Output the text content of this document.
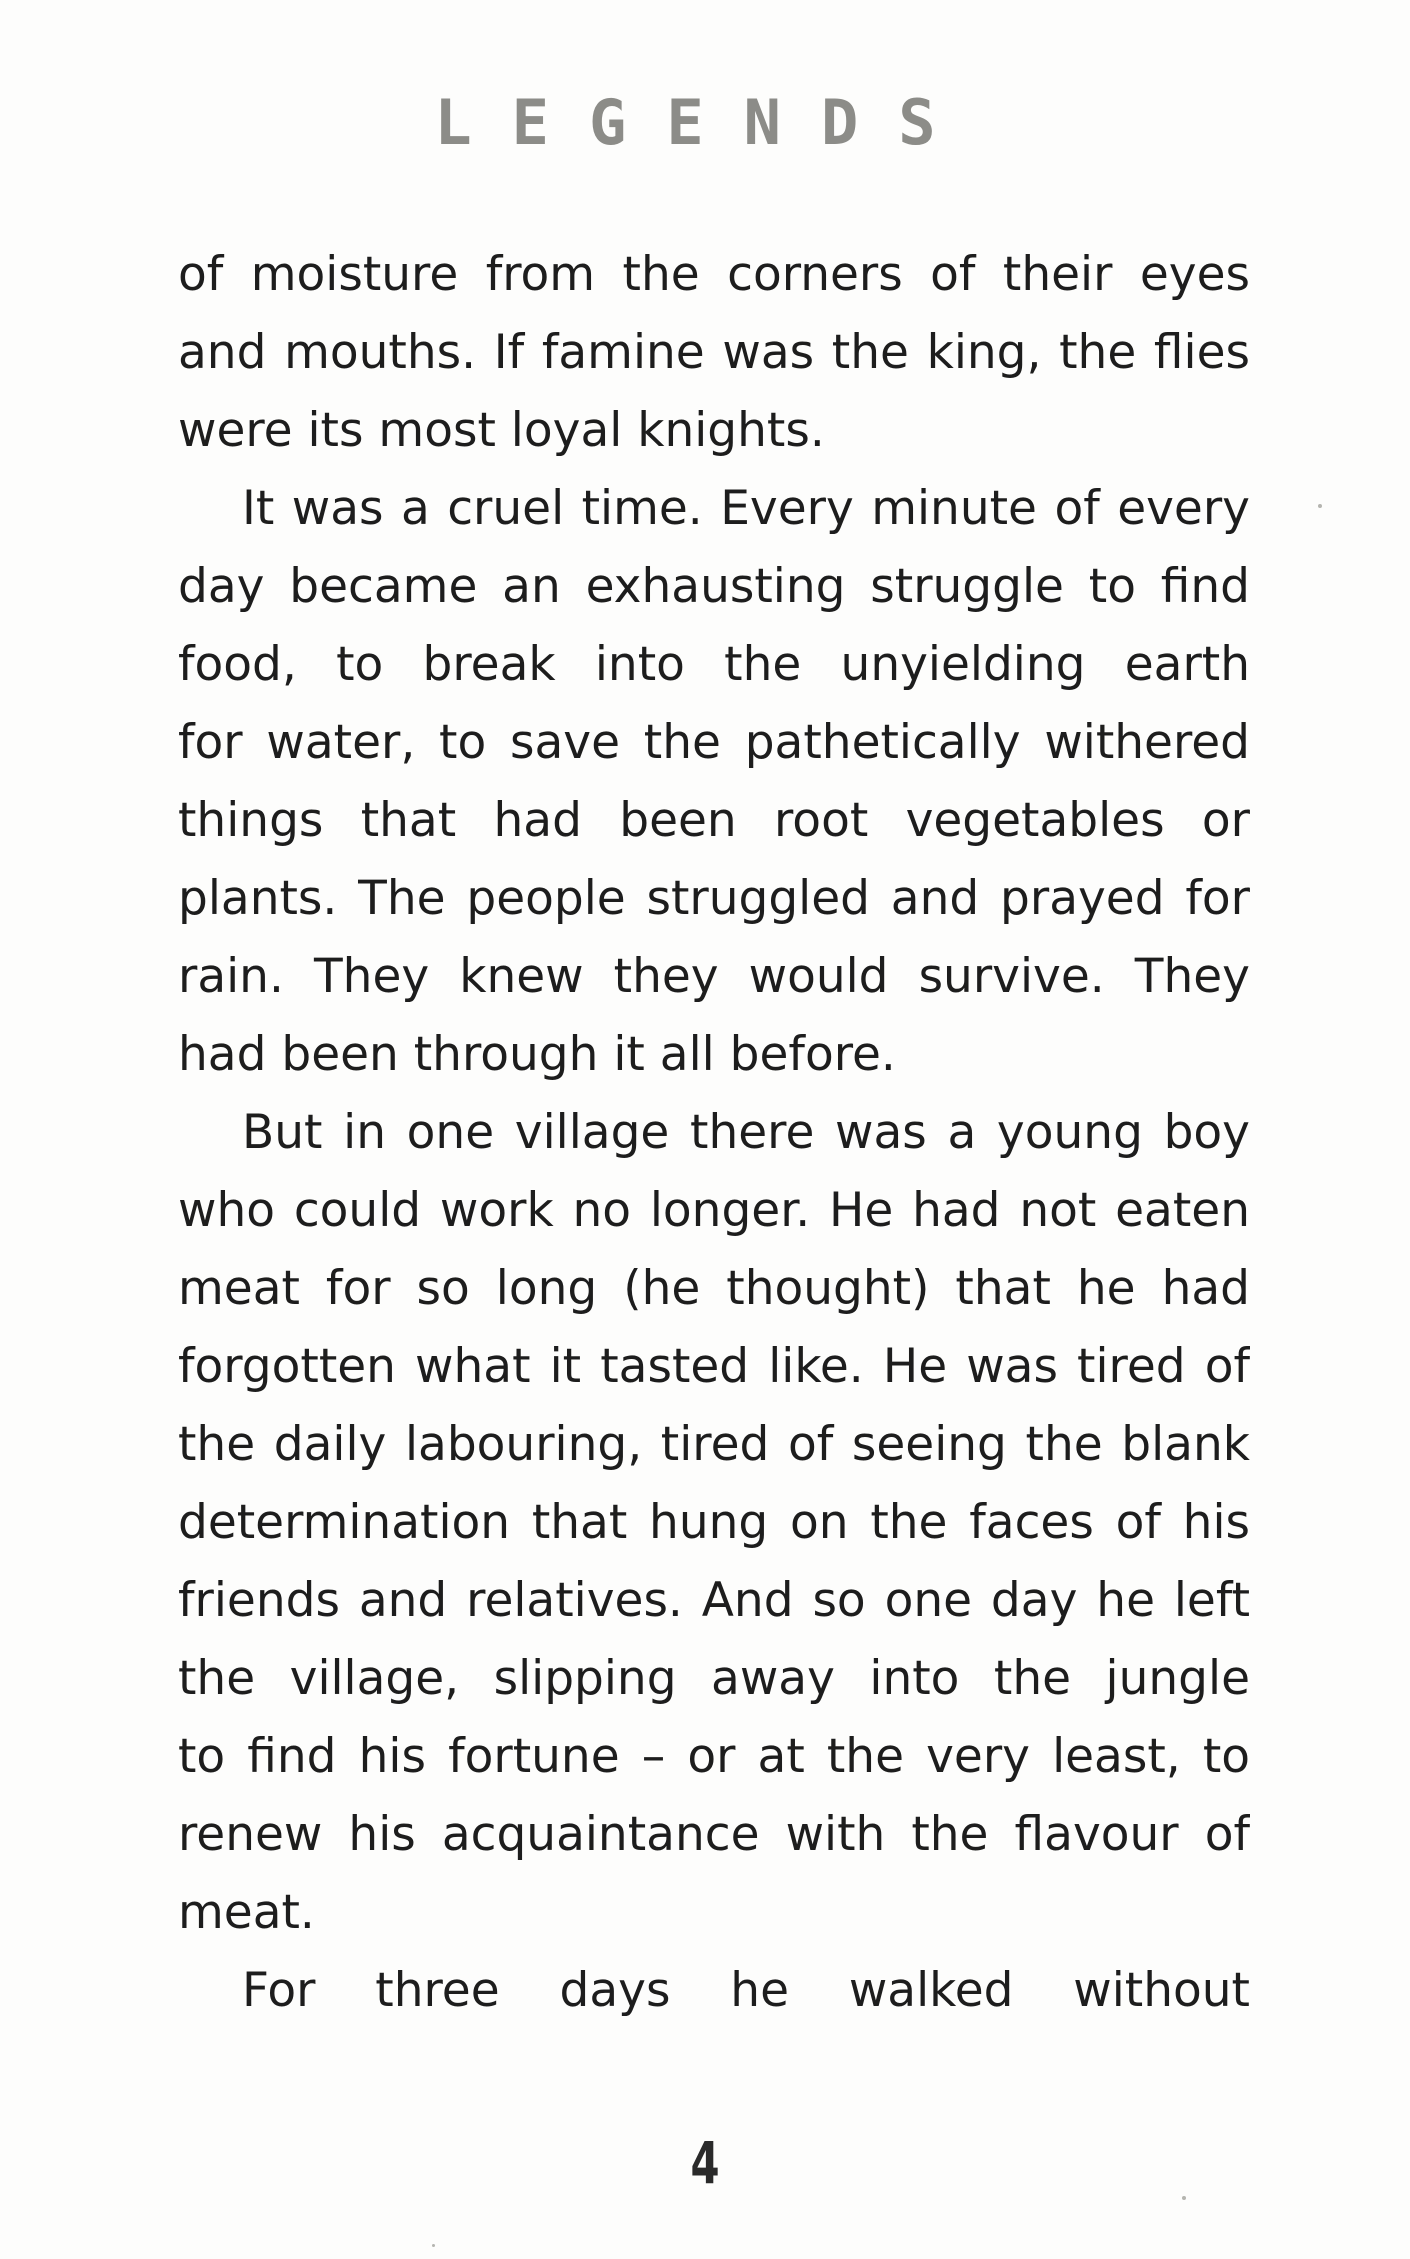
LEGENDS
of moisture from the corners of their eyes
and mouths. If famine was the king, the flies
were its most loyal knights.
It was a cruel time. Every minute of every
day became an exhausting struggle to find
food, to break into the unyielding earth
for water, to save the pathetically withered
things that had been root vegetables or
plants. The people struggled and prayed for
rain. They knew they would survive. They
had been through it all before.
But in one village there was a young boy
who could work no longer. He had not eaten
meat for so long (he thought) that he had
forgotten what it tasted like. He was tired of
the daily labouring, tired of seeing the blank
determination that hung on the faces of his
friends and relatives. And so one day he left
the village, slipping away into the jungle
to find his fortune – or at the very least, to
renew his acquaintance with the flavour of
meat.
For three days he walked without
4
